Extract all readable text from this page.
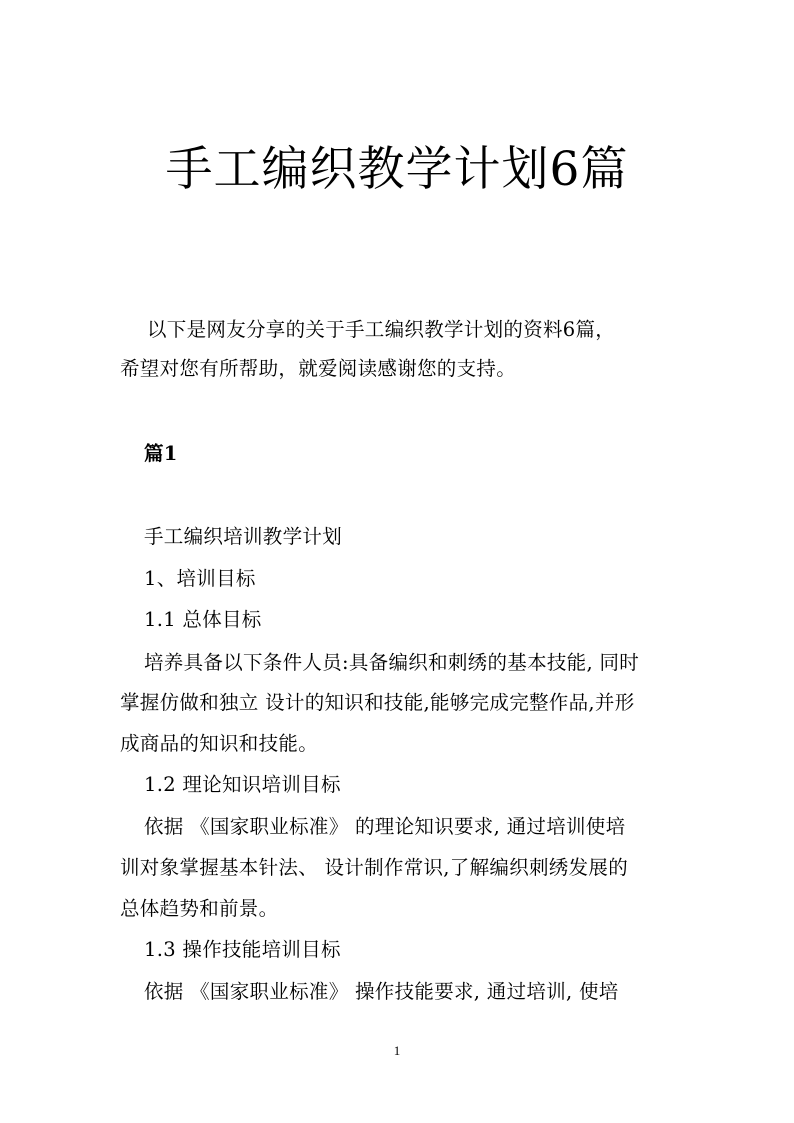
手工编织教学计划6篇
以下是网友分享的关于手工编织教学计划的资料6篇，
希望对您有所帮助，就爱阅读感谢您的支持。
篇1
手工编织培训教学计划
1、培训目标
1.1 总体目标
培养具备以下条件人员:具备编织和刺绣的基本技能, 同时
掌握仿做和独立 设计的知识和技能,能够完成完整作品,并形
成商品的知识和技能。
1.2 理论知识培训目标
依据 《国家职业标准》 的理论知识要求, 通过培训使培
训对象掌握基本针法、 设计制作常识,了解编织刺绣发展的
总体趋势和前景。
1.3 操作技能培训目标
依据 《国家职业标准》 操作技能要求, 通过培训, 使培
1
